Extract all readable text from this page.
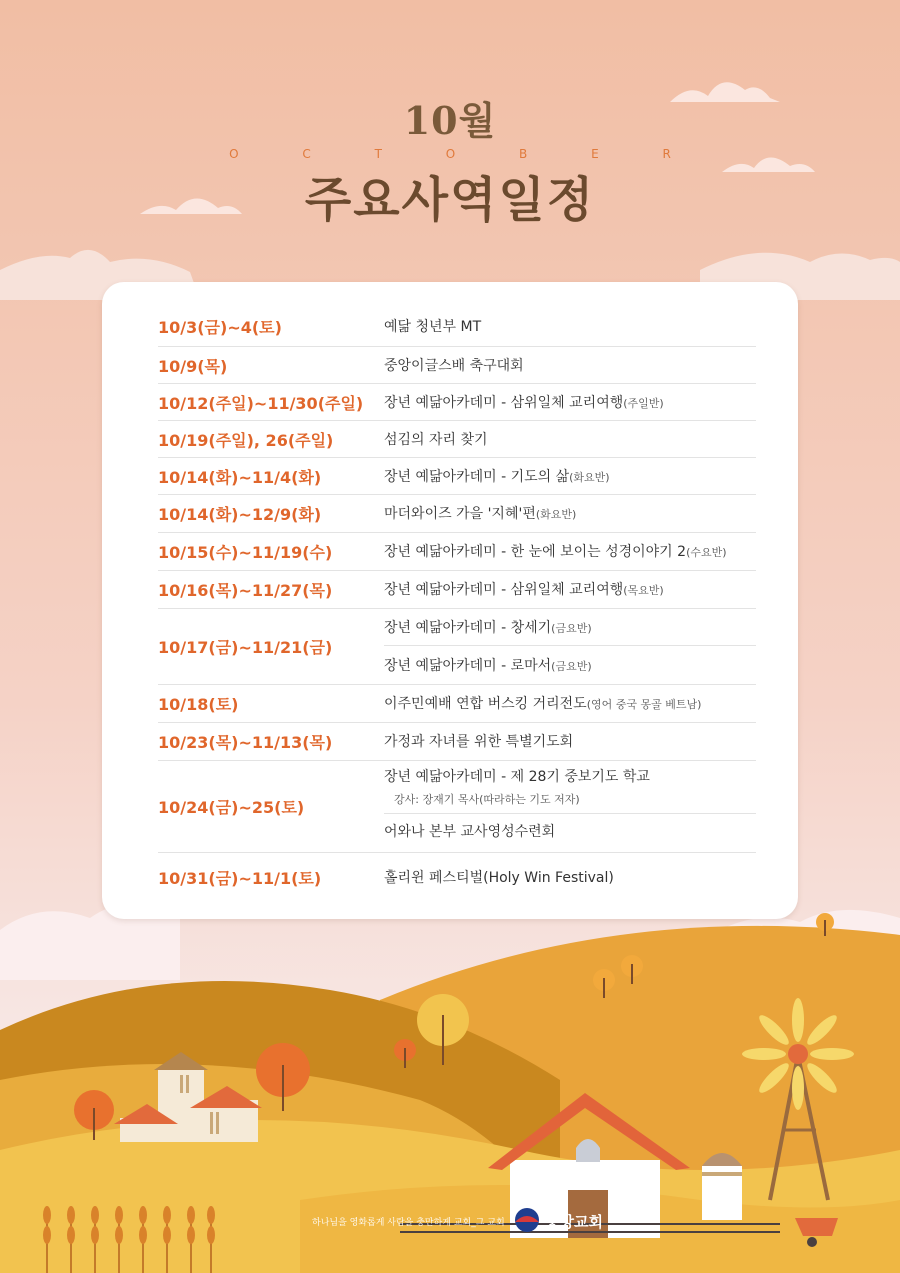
10월
O C T O B E R
주요사역일정
10/3(금)~4(토)	예닮 청년부 MT
10/9(목)	중앙이글스배 축구대회
10/12(주일)~11/30(주일) 장년 예닮아카데미 - 삼위일체 교리여행(주일반)
10/19(주일), 26(주일)	섬김의 자리 찾기
10/14(화)~11/4(화)	장년 예닮아카데미 - 기도의 삶(화요반)
10/14(화)~12/9(화)	마더와이즈 가을 '지혜'편(화요반)
10/15(수)~11/19(수)	장년 예닮아카데미 - 한 눈에 보이는 성경이야기 2(수요반)
10/16(목)~11/27(목)	장년 예닮아카데미 - 삼위일체 교리여행(목요반)
10/17(금)~11/21(금)
장년 예닮아카데미 - 창세기(금요반)
장년 예닮아카데미 - 로마서(금요반)
10/18(토)	이주민예배 연합 버스킹 거리전도(영어 중국 몽골 베트남)
10/23(목)~11/13(목)	가정과 자녀를 위한 특별기도회
10/24(금)~25(토)
장년 예닮아카데미 - 제 28기 중보기도 학교
강사: 장재기 목사(따라하는 기도 저자)
어와나 본부 교사영성수련회
10/31(금)~11/1(토)	홀리윈 페스티벌(Holy Win Festival)
하나님을 영화롭게 사람을 충만하게 교회_그 교회	중앙교회
